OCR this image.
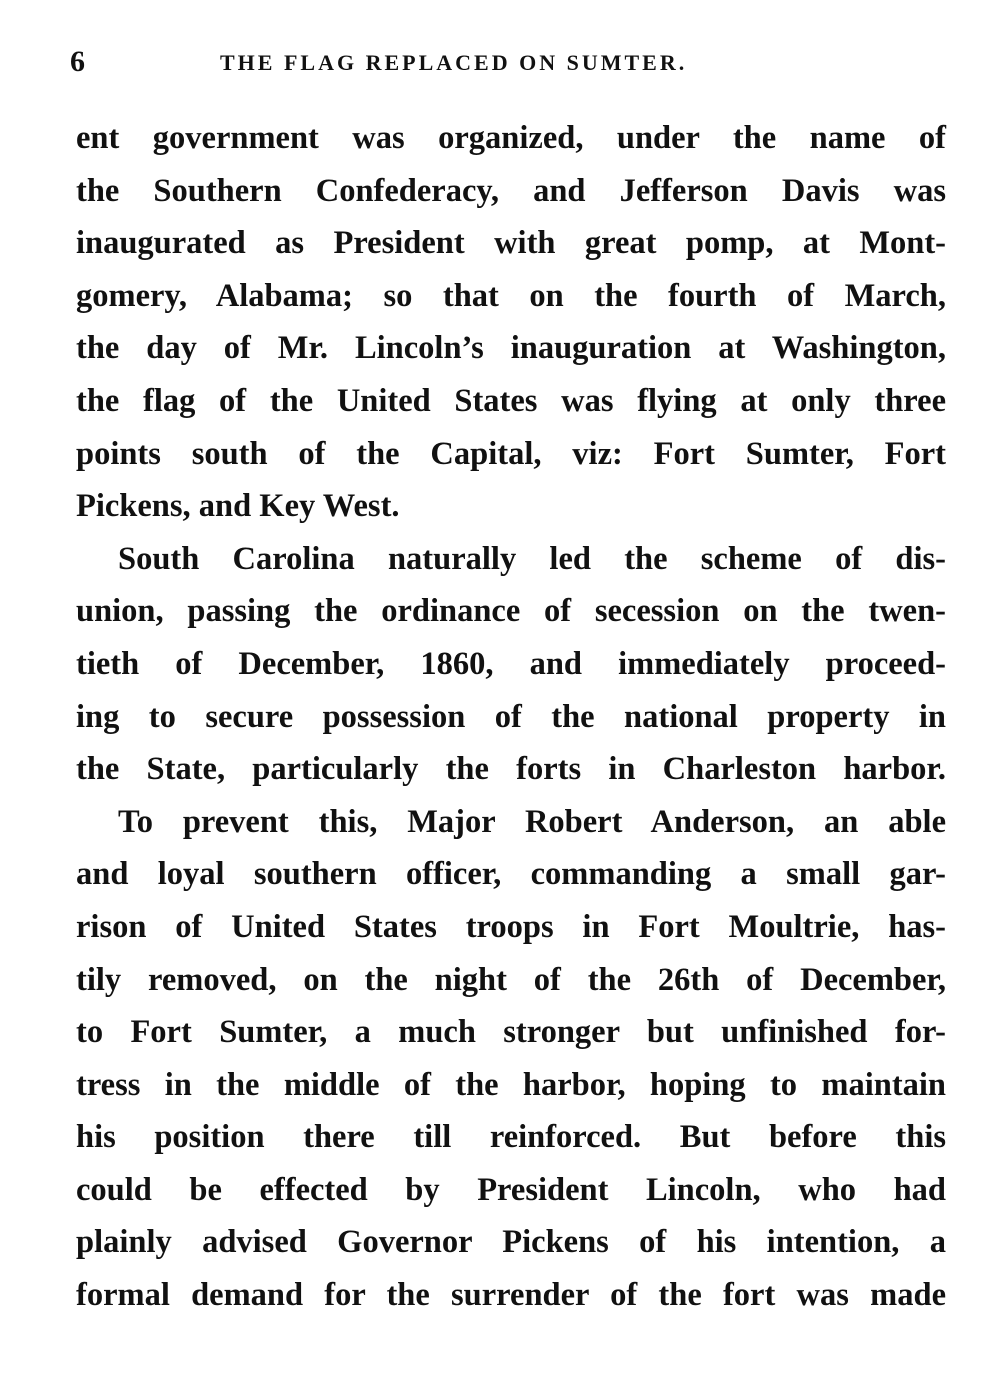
6	THE FLAG REPLACED ON SUMTER.
ent government was organized, under the name of
the Southern Confederacy, and Jefferson Davis was
inaugurated as President with great pomp, at Mont-
gomery, Alabama; so that on the fourth of March,
the day of Mr. Lincoln’s inauguration at Washington,
the flag of the United States was flying at only three
points south of the Capital, viz: Fort Sumter, Fort
Pickens, and Key West.
South Carolina naturally led the scheme of dis-
union, passing the ordinance of secession on the twen-
tieth of December, 1860, and immediately proceed-
ing to secure possession of the national property in
the State, particularly the forts in Charleston harbor.
To prevent this, Major Robert Anderson, an able
and loyal southern officer, commanding a small gar-
rison of United States troops in Fort Moultrie, has-
tily removed, on the night of the 26th of December,
to Fort Sumter, a much stronger but unfinished for-
tress in the middle of the harbor, hoping to maintain
his position there till reinforced. But before this
could be effected by President Lincoln, who had
plainly advised Governor Pickens of his intention, a
formal demand for the surrender of the fort was made
